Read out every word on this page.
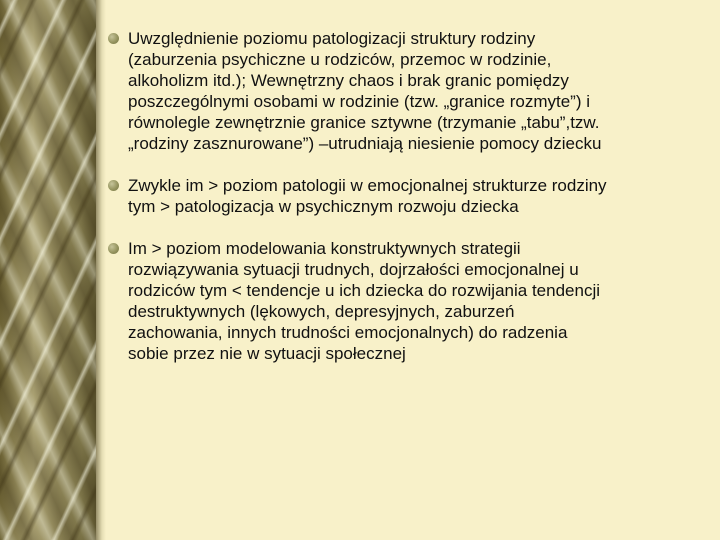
Uwzględnienie poziomu patologizacji struktury rodziny
(zaburzenia psychiczne u rodziców, przemoc w rodzinie,
alkoholizm itd.); Wewnętrzny chaos i brak granic pomiędzy
poszczególnymi osobami w rodzinie (tzw. „granice rozmyte”) i
równolegle zewnętrznie granice sztywne (trzymanie „tabu”,tzw.
„rodziny zasznurowane”) –utrudniają niesienie pomocy dziecku

Zwykle im > poziom patologii w emocjonalnej strukturze rodziny
tym > patologizacja w psychicznym rozwoju dziecka

Im > poziom modelowania konstruktywnych strategii
rozwiązywania sytuacji trudnych, dojrzałości emocjonalnej u
rodziców tym < tendencje u ich dziecka do rozwijania tendencji
destruktywnych (lękowych, depresyjnych, zaburzeń
zachowania, innych trudności emocjonalnych) do radzenia
sobie przez nie w sytuacji społecznej
